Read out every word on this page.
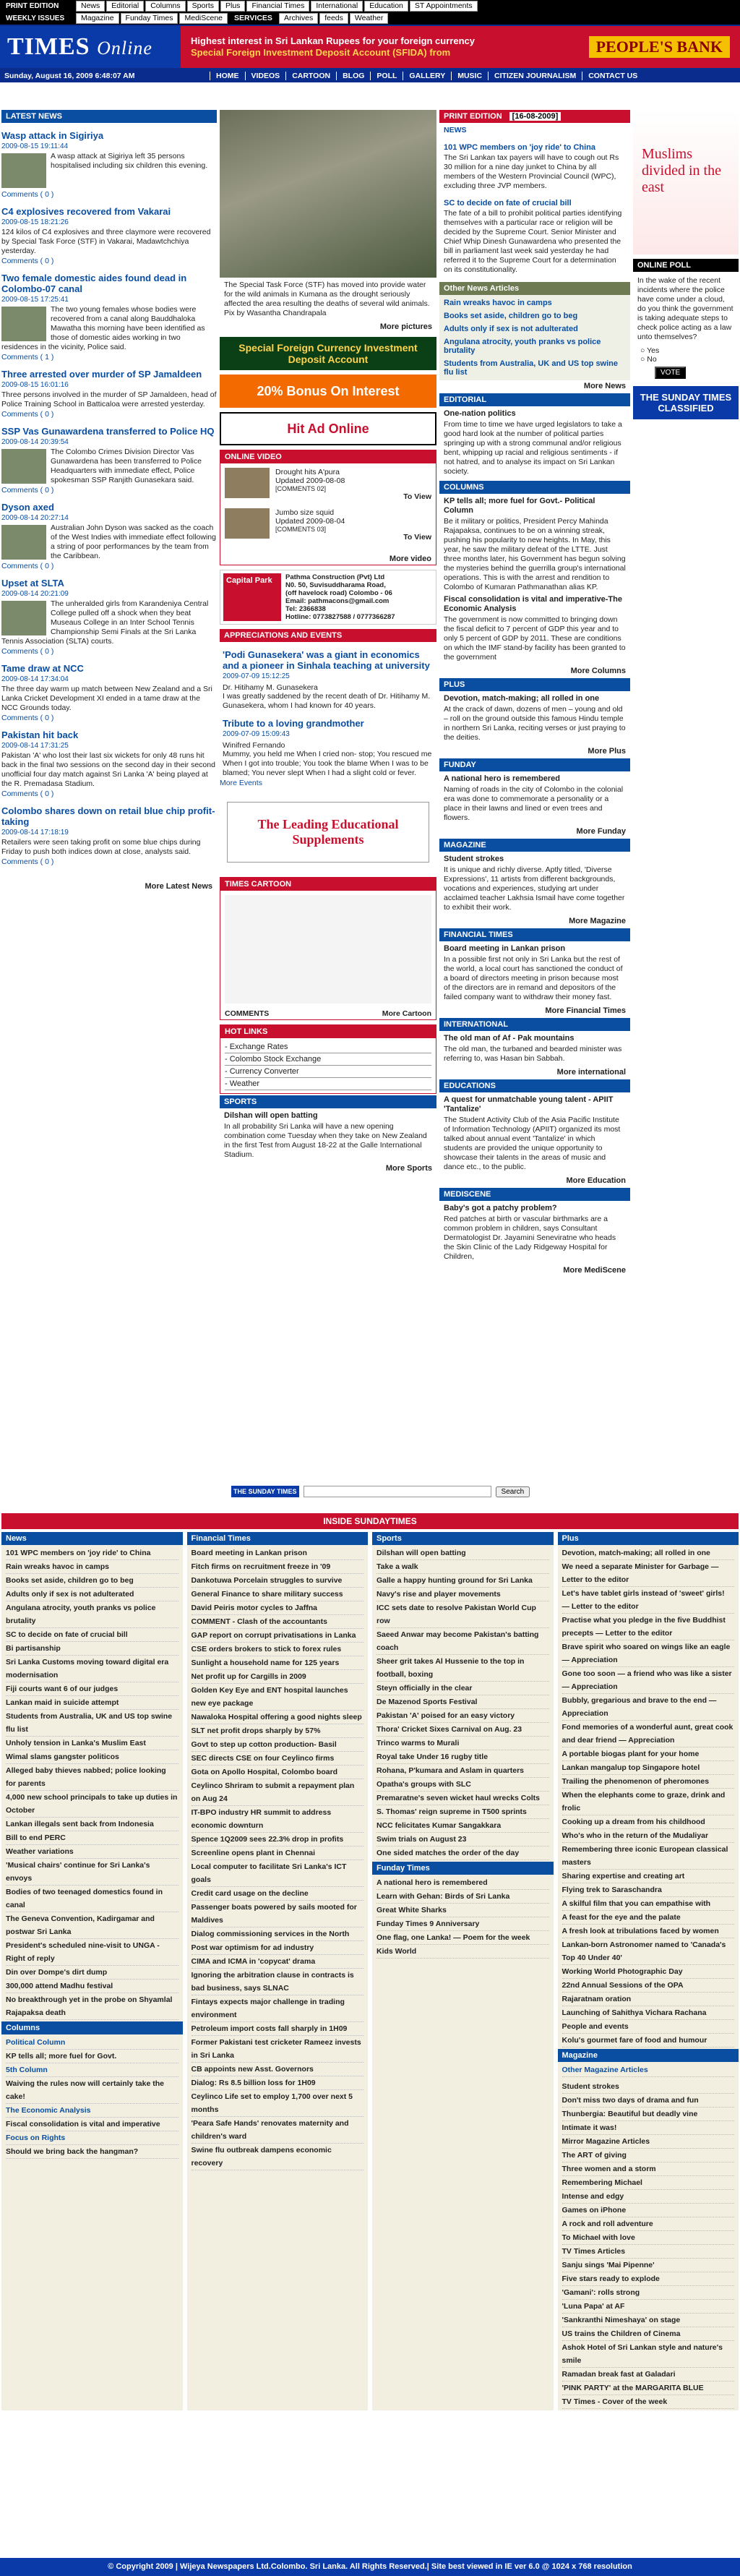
PRINT EDITION	News	Editorial	Columns	Sports	Plus	Financial Times	International	Education	ST Appointments
WEEKLY ISSUES	Magazine	Funday Times	MediScene	SERVICES	Archives	feeds	Weather
TIMES Online	Highest interest in Sri Lankan Rupees for your foreign currency
Special Foreign Investment Deposit Account (SFIDA) from	PEOPLE'S BANK
Sunday, August 16, 2009 6:48:07 AM	HOME	VIDEOS	CARTOON	BLOG	POLL	GALLERY	MUSIC	CITIZEN JOURNALISM	CONTACT US
LATEST NEWS
Wasp attack in Sigiriya
2009-08-15 19:11:44
A wasp attack at Sigiriya left 35 persons hospitalised including six children this evening.
Comments ( 0 )
C4 explosives recovered from Vakarai
2009-08-15 18:21:26
124 kilos of C4 explosives and three claymore were recovered by Special Task Force (STF) in Vakarai, Madawtchchiya yesterday.
Comments ( 0 )
Two female domestic aides found dead in Colombo-07 canal
2009-08-15 17:25:41
The two young females whose bodies were recovered from a canal along Bauddhaloka Mawatha this morning have been identified as those of domestic aides working in two residences in the vicinity, Police said.
Comments ( 1 )
Three arrested over murder of SP Jamaldeen
2009-08-15 16:01:16
Three persons involved in the murder of SP Jamaldeen, head of Police Training School in Batticaloa were arrested yesterday.
Comments ( 0 )
SSP Vas Gunawardena transferred to Police HQ
2009-08-14 20:39:54
The Colombo Crimes Division Director Vas Gunawardena has been transferred to Police Headquarters with immediate effect, Police spokesman SSP Ranjith Gunasekara said.
Comments ( 0 )
Dyson axed
2009-08-14 20:27:14
Australian John Dyson was sacked as the coach of the West Indies with immediate effect following a string of poor performances by the team from the Caribbean.
Comments ( 0 )
Upset at SLTA
2009-08-14 20:21:09
The unheralded girls from Karandeniya Central College pulled off a shock when they beat Museaus College in an Inter School Tennis Championship Semi Finals at the Sri Lanka Tennis Association (SLTA) courts.
Comments ( 0 )
Tame draw at NCC
2009-08-14 17:34:04
The three day warm up match between New Zealand and a Sri Lanka Cricket Development XI ended in a tame draw at the NCC Grounds today.
Comments ( 0 )
Pakistan hit back
2009-08-14 17:31:25
Pakistan 'A' who lost their last six wickets for only 48 runs hit back in the final two sessions on the second day in their second unofficial four day match against Sri Lanka 'A' being played at the R. Premadasa Stadium.
Comments ( 0 )
Colombo shares down on retail blue chip profit-taking
2009-08-14 17:18:19
Retailers were seen taking profit on some blue chips during Friday to push both indices down at close, analysts said.
Comments ( 0 )
More Latest News
The Special Task Force (STF) has moved into provide water for the wild animals in Kumana as the drought seriously affected the area resulting the deaths of several wild animals. Pix by Wasantha Chandrapala
More pictures
Special Foreign Currency Investment Deposit Account
20% Bonus On Interest
Hit Ad Online
ONLINE VIDEO
Drought hits A'pura
Updated 2009-08-08
[COMMENTS 02]
To View
Jumbo size squid
Updated 2009-08-04
[COMMENTS 03]
To View
More video
Capital Park	Pathma Construction (Pvt) Ltd
N0. 50, Suvisuddharama Road,
(off havelock road) Colombo - 06
Email: pathmacons@gmail.com
Tel: 2366838
Hotline: 0773827588 / 0777366287
APPRECIATIONS AND EVENTS
'Podi Gunasekera' was a giant in economics and a pioneer in Sinhala teaching at university
2009-07-09 15:12:25
Dr. Hitihamy M. Gunasekera
I was greatly saddened by the recent death of Dr. Hitihamy M. Gunasekera, whom I had known for 40 years.
Tribute to a loving grandmother
2009-07-09 15:09:43
Winifred Fernando
Mummy, you held me When I cried non- stop; You rescued me When I got into trouble; You took the blame When I was to be blamed; You never slept When I had a slight cold or fever.
More Events
The Leading Educational Supplements
TIMES CARTOON
COMMENTS	More Cartoon
HOT LINKS
- Exchange Rates
- Colombo Stock Exchange
- Currency Converter
- Weather
SPORTS
Dilshan will open batting
In all probability Sri Lanka will have a new opening combination come Tuesday when they take on New Zealand in the first Test from August 18-22 at the Galle International Stadium.
More Sports
PRINT EDITION	[16-08-2009]
NEWS
101 WPC members on 'joy ride' to China
The Sri Lankan tax payers will have to cough out Rs 30 million for a nine day junket to China by all members of the Western Provincial Council (WPC), excluding three JVP members.
SC to decide on fate of crucial bill
The fate of a bill to prohibit political parties identifying themselves with a particular race or religion will be decided by the Supreme Court. Senior Minister and Chief Whip Dinesh Gunawardena who presented the bill in parliament last week said yesterday he had referred it to the Supreme Court for a determination on its constitutionality.
Other News Articles
Rain wreaks havoc in camps
Books set aside, children go to beg
Adults only if sex is not adulterated
Angulana atrocity, youth pranks vs police brutality
Students from Australia, UK and US top swine flu list
More News
EDITORIAL
One-nation politics
From time to time we have urged legislators to take a good hard look at the number of political parties springing up with a strong communal and/or religious bent, whipping up racial and religious sentiments - if not hatred, and to analyse its impact on Sri Lankan society.
COLUMNS
KP tells all; more fuel for Govt.- Political Column
Be it military or politics, President Percy Mahinda Rajapaksa, continues to be on a winning streak, pushing his popularity to new heights. In May, this year, he saw the military defeat of the LTTE. Just three months later, his Government has begun solving the mysteries behind the guerrilla group's international operations. This is with the arrest and rendition to Colombo of Kumaran Pathmanathan alias KP.
Fiscal consolidation is vital and imperative-The Economic Analysis
The government is now committed to bringing down the fiscal deficit to 7 percent of GDP this year and to only 5 percent of GDP by 2011. These are conditions on which the IMF stand-by facility has been granted to the government
More Columns
PLUS
Devotion, match-making; all rolled in one
At the crack of dawn, dozens of men – young and old – roll on the ground outside this famous Hindu temple in northern Sri Lanka, reciting verses or just praying to the deities.
More Plus
FUNDAY
A national hero is remembered
Naming of roads in the city of Colombo in the colonial era was done to commemorate a personality or a place in their lawns and lined or even trees and flowers.
More Funday
MAGAZINE
Student strokes
It is unique and richly diverse. Aptly titled, 'Diverse Expressions', 11 artists from different backgrounds, vocations and experiences, studying art under acclaimed teacher Lakhsia Ismail have come together to exhibit their work.
More Magazine
FINANCIAL TIMES
Board meeting in Lankan prison
In a possible first not only in Sri Lanka but the rest of the world, a local court has sanctioned the conduct of a board of directors meeting in prison because most of the directors are in remand and depositors of the failed company want to withdraw their money fast.
More Financial Times
INTERNATIONAL
The old man of Af - Pak mountains
The old man, the turbaned and bearded minister was referring to, was Hasan bin Sabbah.
More international
EDUCATIONS
A quest for unmatchable young talent - APIIT 'Tantalize'
The Student Activity Club of the Asia Pacific Institute of Information Technology (APIIT) organized its most talked about annual event 'Tantalize' in which students are provided the unique opportunity to showcase their talents in the areas of music and dance etc., to the public.
More Education
MEDISCENE
Baby's got a patchy problem?
Red patches at birth or vascular birthmarks are a common problem in children, says Consultant Dermatologist Dr. Jayamini Seneviratne who heads the Skin Clinic of the Lady Ridgeway Hospital for Children,
More MediScene
Muslims divided in the east
ONLINE POLL
In the wake of the recent incidents where the police have come under a cloud, do you think the government is taking adequate steps to check police acting as a law unto themselves?
○ Yes
○ No
VOTE
THE SUNDAY TIMES CLASSIFIED
THE SUNDAY TIMES	Search
INSIDE SUNDAYTIMES
News
101 WPC members on 'joy ride' to China
Rain wreaks havoc in camps
Books set aside, children go to beg
Adults only if sex is not adulterated
Angulana atrocity, youth pranks vs police brutality
SC to decide on fate of crucial bill
Bi partisanship
Sri Lanka Customs moving toward digital era modernisation
Fiji courts want 6 of our judges
Lankan maid in suicide attempt
Students from Australia, UK and US top swine flu list
Unholy tension in Lanka's Muslim East
Wimal slams gangster politicos
Alleged baby thieves nabbed; police looking for parents
4,000 new school principals to take up duties in October
Lankan illegals sent back from Indonesia
Bill to end PERC
Weather variations
'Musical chairs' continue for Sri Lanka's envoys
Bodies of two teenaged domestics found in canal
The Geneva Convention, Kadirgamar and postwar Sri Lanka
President's scheduled nine-visit to UNGA - Right of reply
Din over Dompe's dirt dump
300,000 attend Madhu festival
No breakthrough yet in the probe on Shyamlal Rajapaksa death
Columns
Political Column
KP tells all; more fuel for Govt.
5th Column
Waiving the rules now will certainly take the cake!
The Economic Analysis
Fiscal consolidation is vital and imperative
Focus on Rights
Should we bring back the hangman?
Financial Times
Board meeting in Lankan prison
Fitch firms on recruitment freeze in '09
Dankotuwa Porcelain struggles to survive
General Finance to share military success
David Peiris motor cycles to Jaffna
COMMENT - Clash of the accountants
GAP report on corrupt privatisations in Lanka
CSE orders brokers to stick to forex rules
Sunlight a household name for 125 years
Net profit up for Cargills in 2009
Golden Key Eye and ENT hospital launches new eye package
Nawaloka Hospital offering a good nights sleep
SLT net profit drops sharply by 57%
Govt to step up cotton production- Basil
SEC directs CSE on four Ceylinco firms
Gota on Apollo Hospital, Colombo board
Ceylinco Shriram to submit a repayment plan on Aug 24
IT-BPO industry HR summit to address economic downturn
Spence 1Q2009 sees 22.3% drop in profits
Screenline opens plant in Chennai
Local computer to facilitate Sri Lanka's ICT goals
Credit card usage on the decline
Passenger boats powered by sails mooted for Maldives
Dialog commissioning services in the North
Post war optimism for ad industry
CIMA and ICMA in 'copycat' drama
Ignoring the arbitration clause in contracts is bad business, says SLNAC
Fintays expects major challenge in trading environment
Petroleum import costs fall sharply in 1H09
Former Pakistani test cricketer Rameez invests in Sri Lanka
CB appoints new Asst. Governors
Dialog: Rs 8.5 billion loss for 1H09
Ceylinco Life set to employ 1,700 over next 5 months
'Peara Safe Hands' renovates maternity and children's ward
Swine flu outbreak dampens economic recovery
Sports
Dilshan will open batting
Take a walk
Galle a happy hunting ground for Sri Lanka
Navy's rise and player movements
ICC sets date to resolve Pakistan World Cup row
Saeed Anwar may become Pakistan's batting coach
Sheer grit takes Al Hussenie to the top in football, boxing
Steyn officially in the clear
De Mazenod Sports Festival
Pakistan 'A' poised for an easy victory
Thora' Cricket Sixes Carnival on Aug. 23
Trinco warms to Murali
Royal take Under 16 rugby title
Rohana, P'kumara and Aslam in quarters
Opatha's groups with SLC
Premaratne's seven wicket haul wrecks Colts
S. Thomas' reign supreme in T500 sprints
NCC felicitates Kumar Sangakkara
Swim trials on August 23
One sided matches the order of the day
Funday Times
A national hero is remembered
Learn with Gehan: Birds of Sri Lanka
Great White Sharks
Funday Times 9 Anniversary
One flag, one Lanka! — Poem for the week
Kids World
Plus
Devotion, match-making; all rolled in one
We need a separate Minister for Garbage — Letter to the editor
Let's have tablet girls instead of 'sweet' girls! — Letter to the editor
Practise what you pledge in the five Buddhist precepts — Letter to the editor
Brave spirit who soared on wings like an eagle — Appreciation
Gone too soon — a friend who was like a sister — Appreciation
Bubbly, gregarious and brave to the end — Appreciation
Fond memories of a wonderful aunt, great cook and dear friend — Appreciation
A portable biogas plant for your home
Lankan mangalup top Singapore hotel
Trailing the phenomenon of pheromones
When the elephants come to graze, drink and frolic
Cooking up a dream from his childhood
Who's who in the return of the Mudaliyar
Remembering three iconic European classical masters
Sharing expertise and creating art
Flying trek to Saraschandra
A skilful film that you can empathise with
A feast for the eye and the palate
A fresh look at tribulations faced by women
Lankan-born Astronomer named to 'Canada's Top 40 Under 40'
Working World Photographic Day
22nd Annual Sessions of the OPA
Rajaratnam oration
Launching of Sahithya Vichara Rachana
People and events
Kolu's gourmet fare of food and humour
Magazine
Other Magazine Articles
Student strokes
Don't miss two days of drama and fun
Thunbergia: Beautiful but deadly vine
Intimate it was!
Mirror Magazine Articles
The ART of giving
Three women and a storm
Remembering Michael
Intense and edgy
Games on iPhone
A rock and roll adventure
To Michael with love
TV Times Articles
Sanju sings 'Mai Pipenne'
Five stars ready to explode
'Gamani': rolls strong
'Luna Papa' at AF
'Sankranthi Nimeshaya' on stage
US trains the Children of Cinema
Ashok Hotel of Sri Lankan style and nature's smile
Ramadan break fast at Galadari
'PINK PARTY' at the MARGARITA BLUE
TV Times - Cover of the week
© Copyright 2009 | Wijeya Newspapers Ltd.Colombo. Sri Lanka. All Rights Reserved.| Site best viewed in IE ver 6.0 @ 1024 x 768 resolution
